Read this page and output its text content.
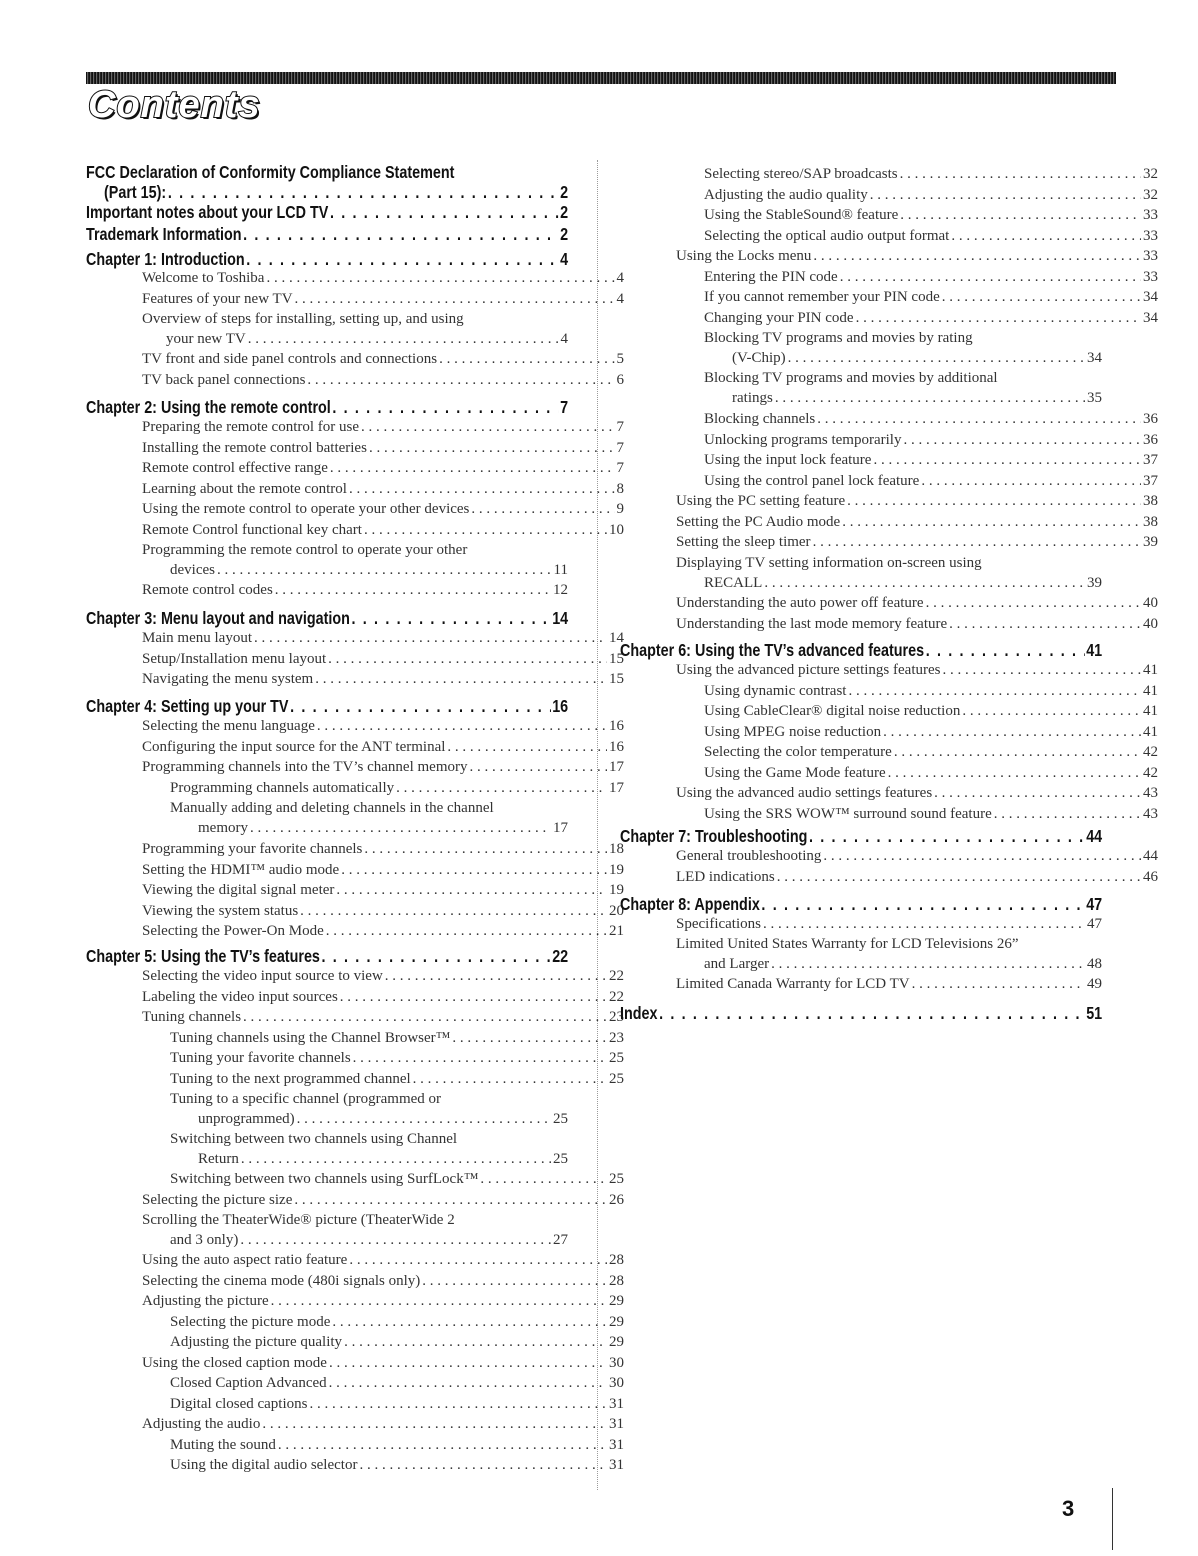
Contents
FCC Declaration of Conformity Compliance Statement
(Part 15): . . .	2
Important notes about your LCD TV . . .	2
Trademark Information . . .	2
Chapter 1: Introduction . . .	4
Welcome to Toshiba . . .	4
Features of your new TV . . .	4
Overview of steps for installing, setting up, and using
your new TV . . .	4
TV front and side panel controls and connections . . .	5
TV back panel connections . . .	6
Chapter 2: Using the remote control . . .	7
Preparing the remote control for use . . .	7
Installing the remote control batteries . . .	7
Remote control effective range . . .	7
Learning about the remote control . . .	8
Using the remote control to operate your other devices . . .	9
Remote Control functional key chart . . .	10
Programming the remote control to operate your other
devices . . .	11
Remote control codes . . .	12
Chapter 3: Menu layout and navigation . . .	14
Main menu layout . . .	14
Setup/Installation menu layout . . .	15
Navigating the menu system . . .	15
Chapter 4: Setting up your TV . . .	16
Selecting the menu language . . .	16
Configuring the input source for the ANT terminal . . .	16
Programming channels into the TV’s channel memory . . .	17
Programming channels automatically . . .	17
Manually adding and deleting channels in the channel
memory . . .	17
Programming your favorite channels . . .	18
Setting the HDMI™ audio mode . . .	19
Viewing the digital signal meter . . .	19
Viewing the system status . . .	20
Selecting the Power-On Mode . . .	21
Chapter 5: Using the TV’s features . . .	22
Selecting the video input source to view . . .	22
Labeling the video input sources . . .	22
Tuning channels . . .	23
Tuning channels using the Channel Browser™ . . .	23
Tuning your favorite channels . . .	25
Tuning to the next programmed channel . . .	25
Tuning to a specific channel (programmed or
unprogrammed) . . .	25
Switching between two channels using Channel
Return . . .	25
Switching between two channels using SurfLock™ . . .	25
Selecting the picture size . . .	26
Scrolling the TheaterWide® picture (TheaterWide 2
and 3 only) . . .	27
Using the auto aspect ratio feature . . .	28
Selecting the cinema mode (480i signals only) . . .	28
Adjusting the picture . . .	29
Selecting the picture mode . . .	29
Adjusting the picture quality . . .	29
Using the closed caption mode . . .	30
Closed Caption Advanced . . .	30
Digital closed captions . . .	31
Adjusting the audio . . .	31
Muting the sound . . .	31
Using the digital audio selector . . .	31
Selecting stereo/SAP broadcasts . . .	32
Adjusting the audio quality . . .	32
Using the StableSound® feature . . .	33
Selecting the optical audio output format . . .	33
Using the Locks menu . . .	33
Entering the PIN code . . .	33
If you cannot remember your PIN code . . .	34
Changing your PIN code . . .	34
Blocking TV programs and movies by rating
(V-Chip) . . .	34
Blocking TV programs and movies by additional
ratings . . .	35
Blocking channels . . .	36
Unlocking programs temporarily . . .	36
Using the input lock feature . . .	37
Using the control panel lock feature . . .	37
Using the PC setting feature . . .	38
Setting the PC Audio mode . . .	38
Setting the sleep timer . . .	39
Displaying TV setting information on-screen using
RECALL . . .	39
Understanding the auto power off feature . . .	40
Understanding the last mode memory feature . . .	40
Chapter 6: Using the TV’s advanced features . . .	41
Using the advanced picture settings features . . .	41
Using dynamic contrast . . .	41
Using CableClear® digital noise reduction . . .	41
Using MPEG noise reduction . . .	41
Selecting the color temperature . . .	42
Using the Game Mode feature . . .	42
Using the advanced audio settings features . . .	43
Using the SRS WOW™ surround sound feature . . .	43
Chapter 7: Troubleshooting . . .	44
General troubleshooting . . .	44
LED indications . . .	46
Chapter 8: Appendix . . .	47
Specifications . . .	47
Limited United States Warranty for LCD Televisions 26”
and Larger . . .	48
Limited Canada Warranty for LCD TV . . .	49
Index . . .	51
3
